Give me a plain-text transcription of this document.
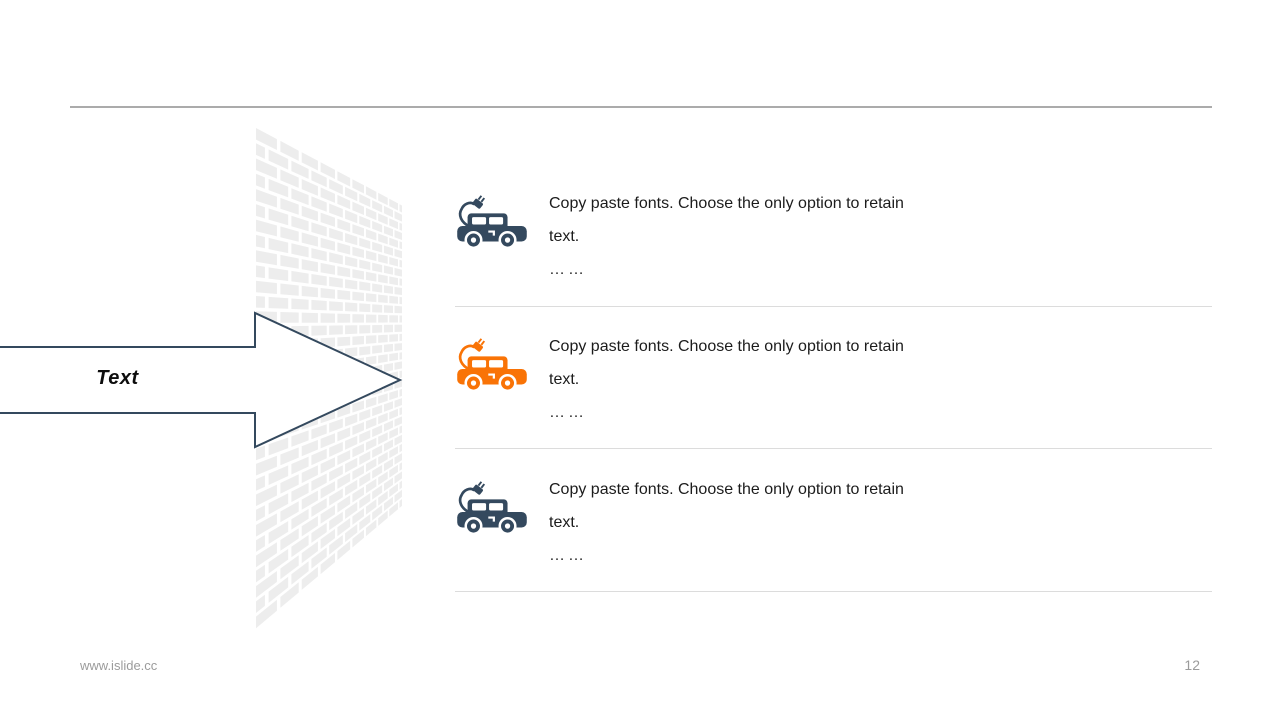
Text
Copy paste fonts. Choose the only option to retain
text.
……
Copy paste fonts. Choose the only option to retain
text.
……
Copy paste fonts. Choose the only option to retain
text.
……
www.islide.cc	12
